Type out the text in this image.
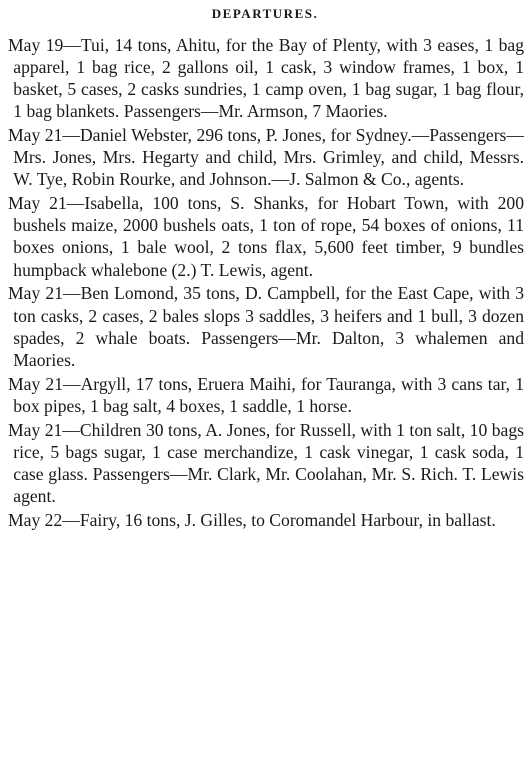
DEPARTURES.

May 19—Tui, 14 tons, Ahitu, for the Bay of Plenty, with 3 eases, 1 bag apparel, 1 bag rice, 2 gallons oil, 1 cask, 3 window frames, 1 box, 1 basket, 5 cases, 2 casks sundries, 1 camp oven, 1 bag sugar, 1 bag flour, 1 bag blankets. Passengers—Mr. Armson, 7 Maories.

May 21—Daniel Webster, 296 tons, P. Jones, for Sydney.—Passengers—Mrs. Jones, Mrs. Hegarty and child, Mrs. Grimley, and child, Messrs. W. Tye, Robin Rourke, and Johnson.—J. Salmon & Co., agents.

May 21—Isabella, 100 tons, S. Shanks, for Hobart Town, with 200 bushels maize, 2000 bushels oats, 1 ton of rope, 54 boxes of onions, 11 boxes onions, 1 bale wool, 2 tons flax, 5,600 feet timber, 9 bundles humpback whalebone (2.) T. Lewis, agent.

May 21—Ben Lomond, 35 tons, D. Campbell, for the East Cape, with 3 ton casks, 2 cases, 2 bales slops 3 saddles, 3 heifers and 1 bull, 3 dozen spades, 2 whale boats. Passengers—Mr. Dalton, 3 whalemen and Maories.

May 21—Argyll, 17 tons, Eruera Maihi, for Tauranga, with 3 cans tar, 1 box pipes, 1 bag salt, 4 boxes, 1 saddle, 1 horse.

May 21—Children 30 tons, A. Jones, for Russell, with 1 ton salt, 10 bags rice, 5 bags sugar, 1 case merchandize, 1 cask vinegar, 1 cask soda, 1 case glass. Passengers—Mr. Clark, Mr. Coolahan, Mr. S. Rich. T. Lewis agent.

May 22—Fairy, 16 tons, J. Gilles, to Coromandel Harbour, in ballast.
